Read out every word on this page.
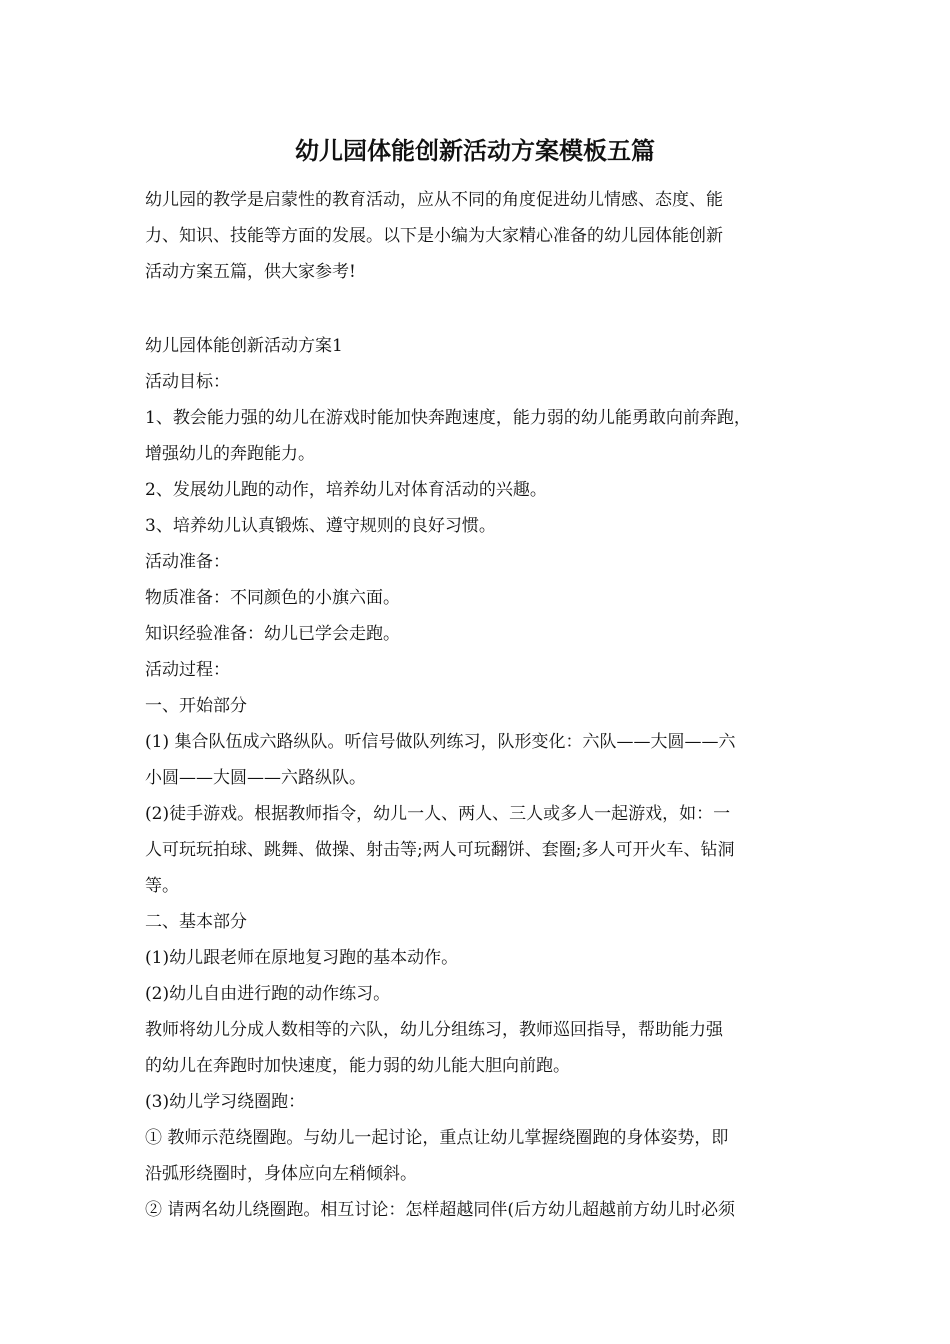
幼儿园体能创新活动方案模板五篇
幼儿园的教学是启蒙性的教育活动，应从不同的角度促进幼儿情感、态度、能
力、知识、技能等方面的发展。以下是小编为大家精心准备的幼儿园体能创新
活动方案五篇，供大家参考!
幼儿园体能创新活动方案1
活动目标：
1、教会能力强的幼儿在游戏时能加快奔跑速度，能力弱的幼儿能勇敢向前奔跑，
增强幼儿的奔跑能力。
2、发展幼儿跑的动作，培养幼儿对体育活动的兴趣。
3、培养幼儿认真锻炼、遵守规则的良好习惯。
活动准备：
物质准备：不同颜色的小旗六面。
知识经验准备：幼儿已学会走跑。
活动过程：
一、开始部分
(1) 集合队伍成六路纵队。听信号做队列练习，队形变化：六队——大圆——六
小圆——大圆——六路纵队。
(2)徒手游戏。根据教师指令，幼儿一人、两人、三人或多人一起游戏，如：一
人可玩玩拍球、跳舞、做操、射击等;两人可玩翻饼、套圈;多人可开火车、钻洞
等。
二、基本部分
(1)幼儿跟老师在原地复习跑的基本动作。
(2)幼儿自由进行跑的动作练习。
教师将幼儿分成人数相等的六队，幼儿分组练习，教师巡回指导，帮助能力强
的幼儿在奔跑时加快速度，能力弱的幼儿能大胆向前跑。
(3)幼儿学习绕圈跑：
① 教师示范绕圈跑。与幼儿一起讨论，重点让幼儿掌握绕圈跑的身体姿势，即
沿弧形绕圈时，身体应向左稍倾斜。
② 请两名幼儿绕圈跑。相互讨论：怎样超越同伴(后方幼儿超越前方幼儿时必须
